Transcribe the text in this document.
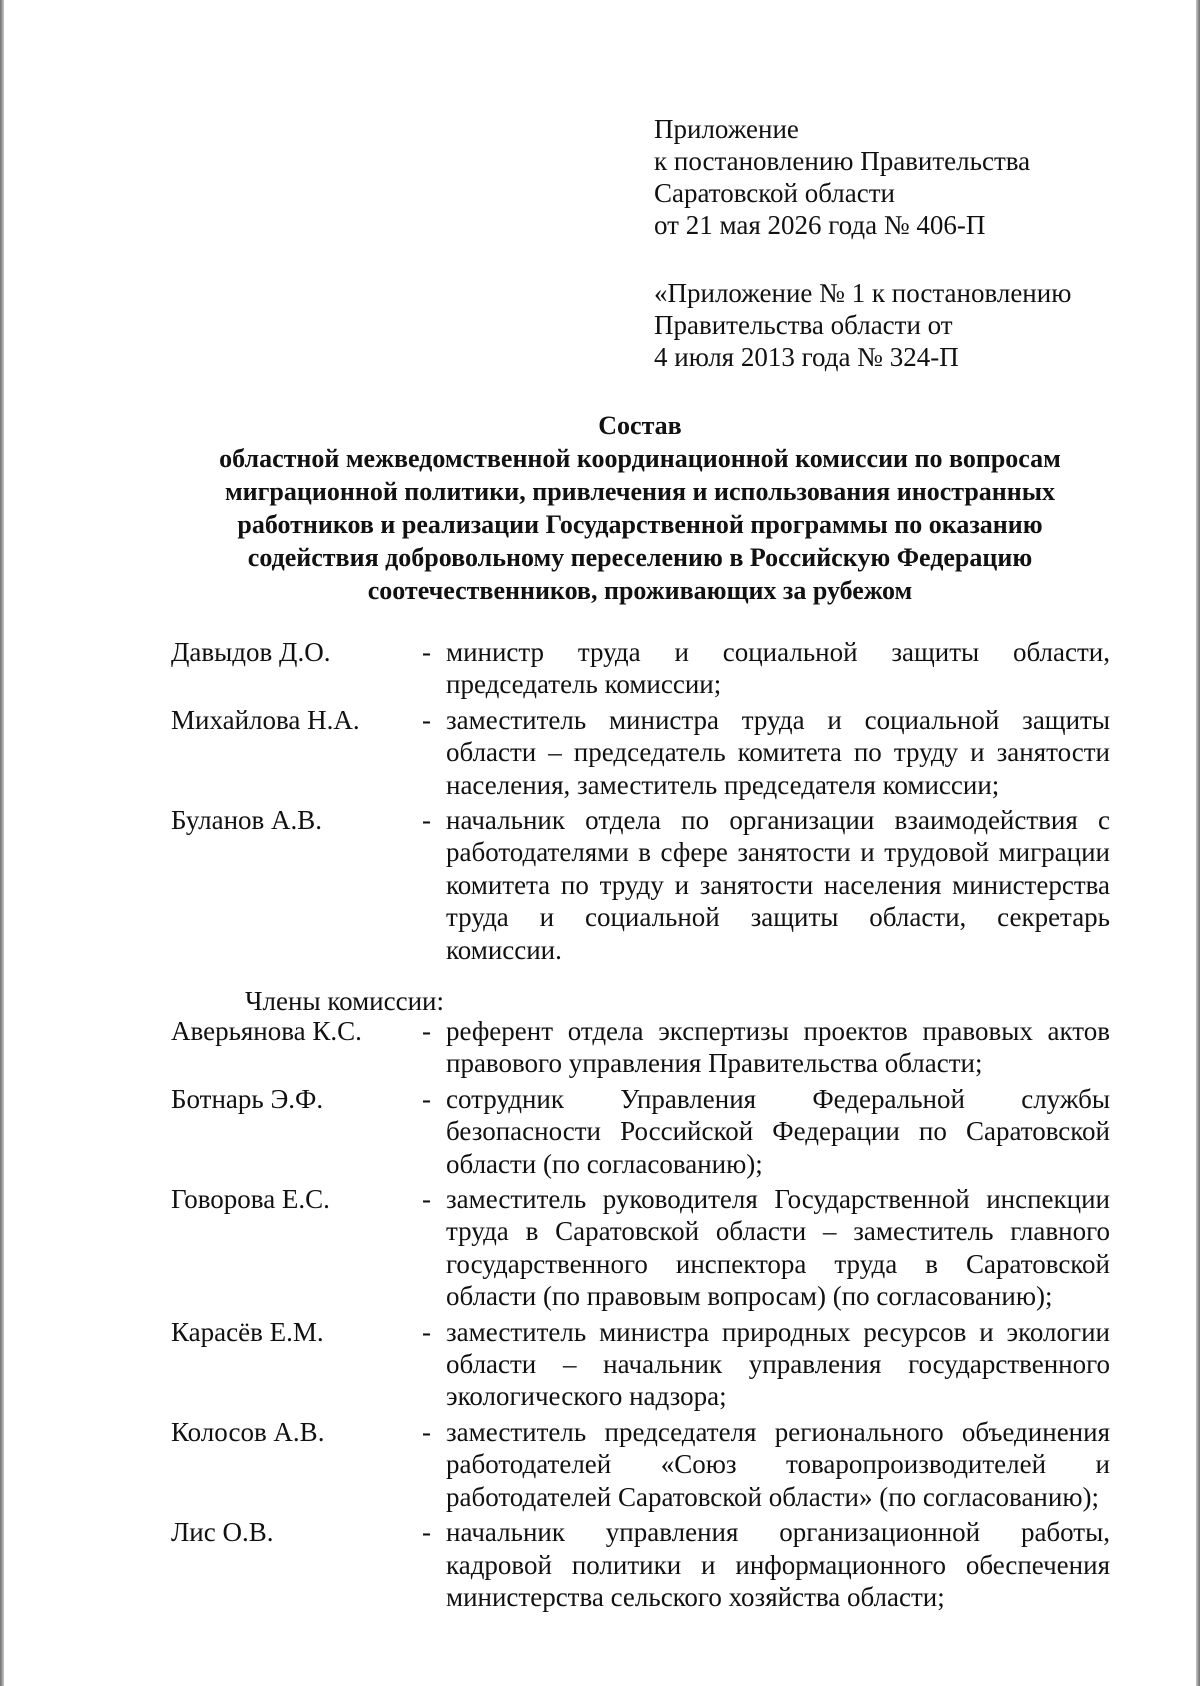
Приложение
к постановлению Правительства
Саратовской области
от 21 мая 2026 года № 406-П
«Приложение № 1 к постановлению
Правительства области от
4 июля 2013 года № 324-П
Состав
областной межведомственной координационной комиссии по вопросам
миграционной политики, привлечения и использования иностранных
работников и реализации Государственной программы по оказанию
содействия добровольному переселению в Российскую Федерацию
соотечественников, проживающих за рубежом
Давыдов Д.О.	- министр труда и социальной защиты области, председатель комиссии;
Михайлова Н.А.	- заместитель министра труда и социальной защиты области – председатель комитета по труду и занятости населения, заместитель председателя комиссии;
Буланов А.В.	- начальник отдела по организации взаимодействия с работодателями в сфере занятости и трудовой миграции комитета по труду и занятости населения министерства труда и социальной защиты области, секретарь комиссии.
Члены комиссии:
Аверьянова К.С.	- референт отдела экспертизы проектов правовых актов правового управления Правительства области;
Ботнарь Э.Ф.	- сотрудник Управления Федеральной службы безопасности Российской Федерации по Саратовской области (по согласованию);
Говорова Е.С.	- заместитель руководителя Государственной инспекции труда в Саратовской области – заместитель главного государственного инспектора труда в Саратовской области (по правовым вопросам) (по согласованию);
Карасёв Е.М.	- заместитель министра природных ресурсов и экологии области – начальник управления государственного экологического надзора;
Колосов А.В.	- заместитель председателя регионального объединения работодателей «Союз товаропроизводителей и работодателей Саратовской области» (по согласованию);
Лис О.В.	- начальник управления организационной работы, кадровой политики и информационного обеспечения министерства сельского хозяйства области;
